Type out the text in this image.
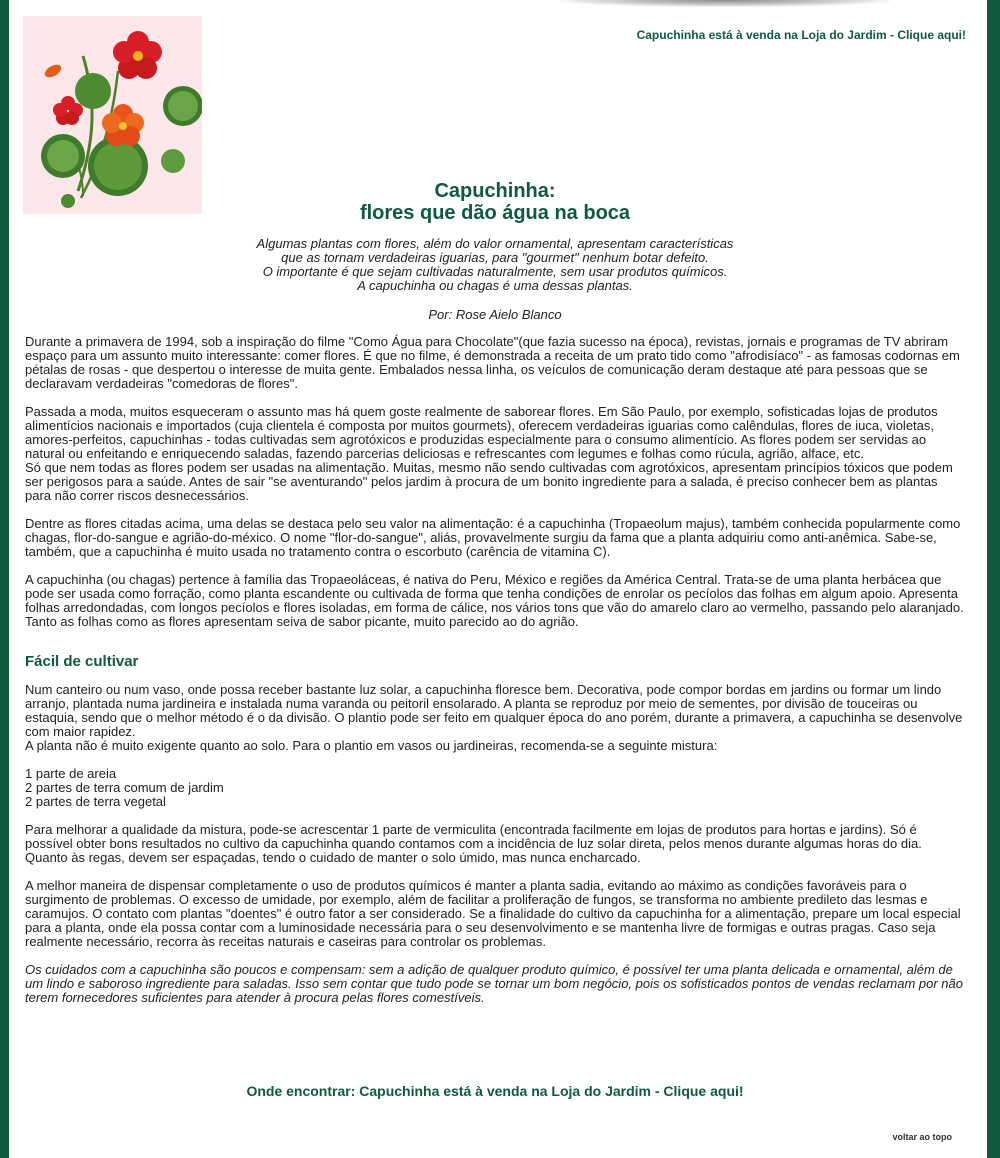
Capuchinha está à venda na Loja do Jardim - Clique aqui!
Capuchinha:
flores que dão água na boca
Algumas plantas com flores, além do valor ornamental, apresentam características
que as tornam verdadeiras iguarias, para "gourmet" nenhum botar defeito.
O importante é que sejam cultivadas naturalmente, sem usar produtos químicos.
A capuchinha ou chagas é uma dessas plantas.
Por: Rose Aielo Blanco

Durante a primavera de 1994, sob a inspiração do filme "Como Água para Chocolate"(que fazia sucesso na época), revistas, jornais e programas de TV abriram espaço para um assunto muito interessante: comer flores. É que no filme, é demonstrada a receita de um prato tido como "afrodisíaco" - as famosas codornas em pétalas de rosas - que despertou o interesse de muita gente. Embalados nessa linha, os veículos de comunicação deram destaque até para pessoas que se declaravam verdadeiras "comedoras de flores".

Passada a moda, muitos esqueceram o assunto mas há quem goste realmente de saborear flores. Em São Paulo, por exemplo, sofisticadas lojas de produtos alimentícios nacionais e importados (cuja clientela é composta por muitos gourmets), oferecem verdadeiras iguarias como calêndulas, flores de iuca, violetas, amores-perfeitos, capuchinhas - todas cultivadas sem agrotóxicos e produzidas especialmente para o consumo alimentício. As flores podem ser servidas ao natural ou enfeitando e enriquecendo saladas, fazendo parcerias deliciosas e refrescantes com legumes e folhas como rúcula, agrião, alface, etc.

Só que nem todas as flores podem ser usadas na alimentação. Muitas, mesmo não sendo cultivadas com agrotóxicos, apresentam princípios tóxicos que podem ser perigosos para a saúde. Antes de sair "se aventurando" pelos jardim à procura de um bonito ingrediente para a salada, é preciso conhecer bem as plantas para não correr riscos desnecessários.

Dentre as flores citadas acima, uma delas se destaca pelo seu valor na alimentação: é a capuchinha (Tropaeolum majus), também conhecida popularmente como chagas, flor-do-sangue e agrião-do-méxico. O nome "flor-do-sangue", aliás, provavelmente surgiu da fama que a planta adquiriu como anti-anêmica. Sabe-se, também, que a capuchinha é muito usada no tratamento contra o escorbuto (carência de vitamina C).

A capuchinha (ou chagas) pertence à família das Tropaeoláceas, é nativa do Peru, México e regiões da América Central. Trata-se de uma planta herbácea que pode ser usada como forração, como planta escandente ou cultivada de forma que tenha condições de enrolar os pecíolos das folhas em algum apoio. Apresenta folhas arredondadas, com longos pecíolos e flores isoladas, em forma de cálice, nos vários tons que vão do amarelo claro ao vermelho, passando pelo alaranjado. Tanto as folhas como as flores apresentam seiva de sabor picante, muito parecido ao do agrião.

Fácil de cultivar

Num canteiro ou num vaso, onde possa receber bastante luz solar, a capuchinha floresce bem. Decorativa, pode compor bordas em jardins ou formar um lindo arranjo, plantada numa jardineira e instalada numa varanda ou peitoril ensolarado. A planta se reproduz por meio de sementes, por divisão de touceiras ou estaquia, sendo que o melhor método é o da divisão. O plantio pode ser feito em qualquer época do ano porém, durante a primavera, a capuchinha se desenvolve com maior rapidez.

A planta não é muito exigente quanto ao solo. Para o plantio em vasos ou jardineiras, recomenda-se a seguinte mistura:

1 parte de areia
2 partes de terra comum de jardim
2 partes de terra vegetal

Para melhorar a qualidade da mistura, pode-se acrescentar 1 parte de vermiculita (encontrada facilmente em lojas de produtos para hortas e jardins). Só é possível obter bons resultados no cultivo da capuchinha quando contamos com a incidência de luz solar direta, pelos menos durante algumas horas do dia. Quanto às regas, devem ser espaçadas, tendo o cuidado de manter o solo úmido, mas nunca encharcado.

A melhor maneira de dispensar completamente o uso de produtos químicos é manter a planta sadia, evitando ao máximo as condições favoráveis para o surgimento de problemas. O excesso de umidade, por exemplo, além de facilitar a proliferação de fungos, se transforma no ambiente predileto das lesmas e caramujos. O contato com plantas "doentes" é outro fator a ser considerado. Se a finalidade do cultivo da capuchinha for a alimentação, prepare um local especial para a planta, onde ela possa contar com a luminosidade necessária para o seu desenvolvimento e se mantenha livre de formigas e outras pragas. Caso seja realmente necessário, recorra às receitas naturais e caseiras para controlar os problemas.

Os cuidados com a capuchinha são poucos e compensam: sem a adição de qualquer produto químico, é possível ter uma planta delicada e ornamental, além de um lindo e saboroso ingrediente para saladas. Isso sem contar que tudo pode se tornar um bom negócio, pois os sofisticados pontos de vendas reclamam por não terem fornecedores suficientes para atender à procura pelas flores comestíveis.

Onde encontrar: Capuchinha está à venda na Loja do Jardim - Clique aqui!
voltar ao topo
